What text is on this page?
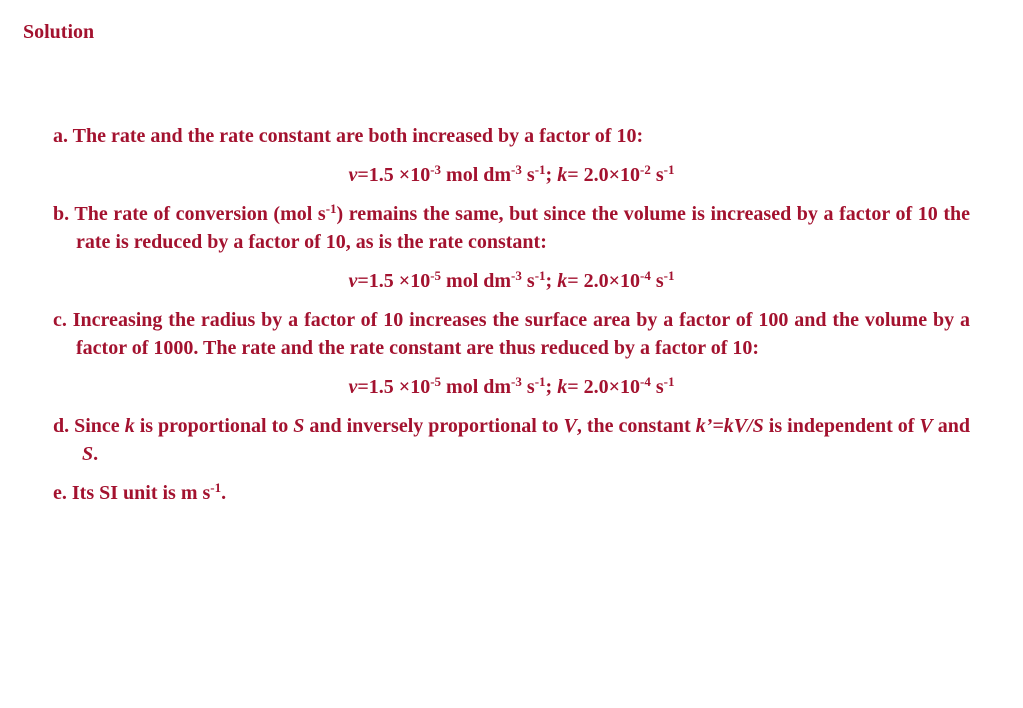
Solution

a. The rate and the rate constant are both increased by a factor of 10:

$v=1.5 \times 10^{-3}$ mol $dm^{-3}$ $s^{-1}$; $k= 2.0\times 10^{-2}$ $s^{-1}$

b. The rate of conversion (mol $s^{-1}$) remains the same, but since the volume is increased by a factor of 10 the rate is reduced by a factor of 10, as is the rate constant:

$v=1.5 \times 10^{-5}$ mol $dm^{-3}$ $s^{-1}$; $k= 2.0\times 10^{-4}$ $s^{-1}$

c. Increasing the radius by a factor of 10 increases the surface area by a factor of 100 and the volume by a factor of 1000. The rate and the rate constant are thus reduced by a factor of 10:

$v=1.5 \times 10^{-5}$ mol $dm^{-3}$ $s^{-1}$; $k= 2.0\times 10^{-4}$ $s^{-1}$

d. Since k is proportional to S and inversely proportional to V, the constant k’=kV/S is independent of V and S.

e. Its SI unit is m $s^{-1}$.
